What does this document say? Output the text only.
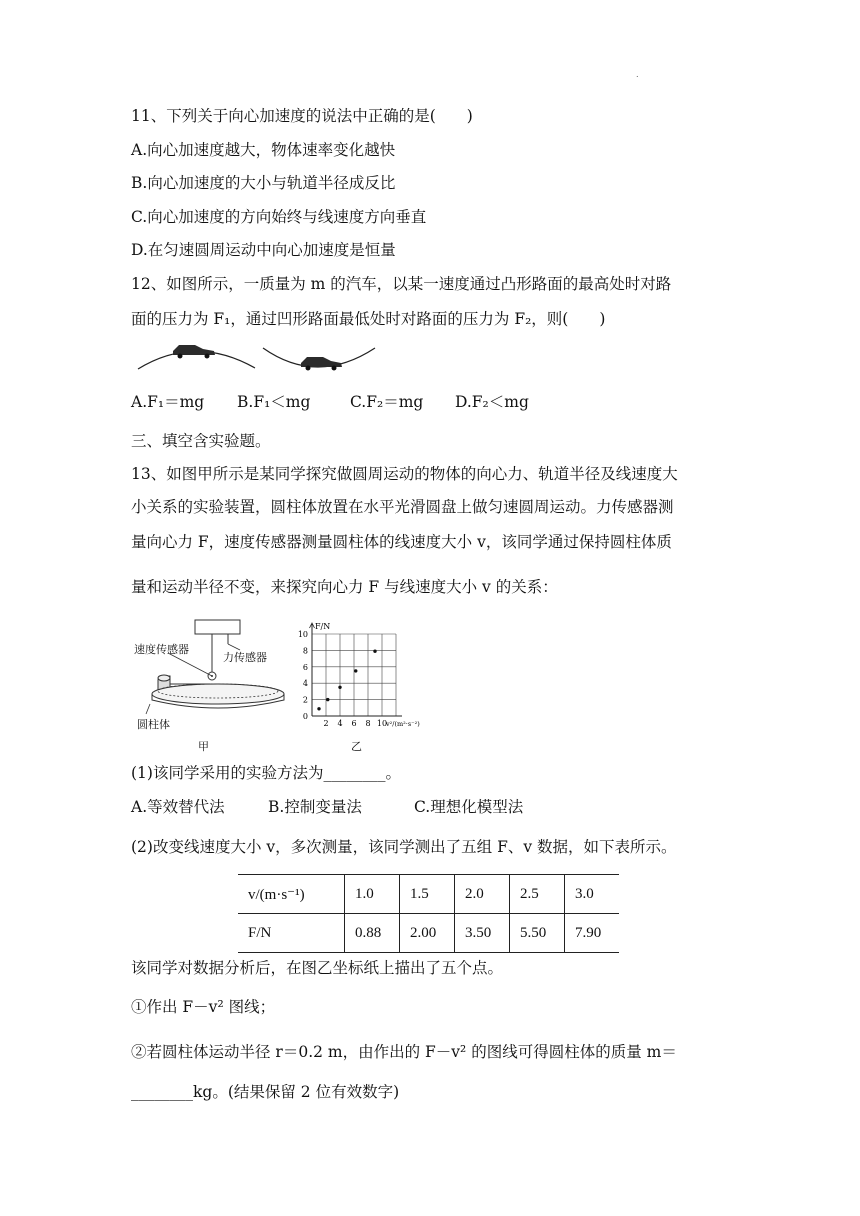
.
11、下列关于向心加速度的说法中正确的是(　　)
A.向心加速度越大，物体速率变化越快
B.向心加速度的大小与轨道半径成反比
C.向心加速度的方向始终与线速度方向垂直
D.在匀速圆周运动中向心加速度是恒量
12、如图所示，一质量为 m 的汽车，以某一速度通过凸形路面的最高处时对路
面的压力为 F₁，通过凹形路面最低处时对路面的压力为 F₂，则(　　)
A.F₁＝mg B.F₁＜mg	C.F₂＝mg D.F₂＜mg
三、填空含实验题。
13、如图甲所示是某同学探究做圆周运动的物体的向心力、轨道半径及线速度大
小关系的实验装置，圆柱体放置在水平光滑圆盘上做匀速圆周运动。力传感器测
量向心力 F，速度传感器测量圆柱体的线速度大小 v，该同学通过保持圆柱体质
量和运动半径不变，来探究向心力 F 与线速度大小 v 的关系：
速度传感器
力传感器
圆柱体
甲
2 4 6 8 10
0
2
4
6
8
10
F/N
v²/(m²·s⁻²)
乙
(1)该同学采用的实验方法为________。
A.等效替代法	B.控制变量法	C.理想化模型法
(2)改变线速度大小 v，多次测量，该同学测出了五组 F、v 数据，如下表所示。
v/(m·s⁻¹)	1.0	1.5	2.0	2.5	3.0
F/N	0.88	2.00	3.50	5.50	7.90
该同学对数据分析后，在图乙坐标纸上描出了五个点。
①作出 F－v² 图线；
②若圆柱体运动半径 r＝0.2 m，由作出的 F－v² 的图线可得圆柱体的质量 m＝
________kg。(结果保留 2 位有效数字)
